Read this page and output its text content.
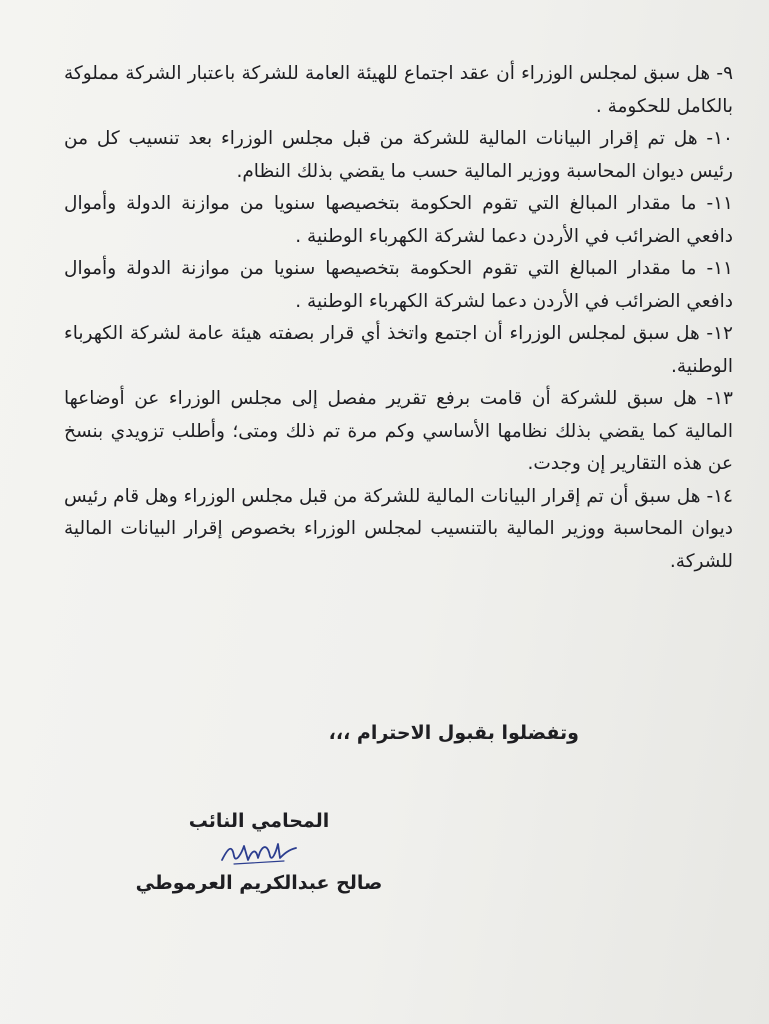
٩- هل سبق لمجلس الوزراء أن عقد اجتماع للهيئة العامة للشركة باعتبار الشركة مملوكة بالكامل للحكومة .

١٠- هل تم إقرار البيانات المالية للشركة من قبل مجلس الوزراء بعد تنسيب كل من رئيس ديوان المحاسبة ووزير المالية حسب ما يقضي بذلك النظام.

١١- ما مقدار المبالغ التي تقوم الحكومة بتخصيصها سنويا من موازنة الدولة وأموال دافعي الضرائب في الأردن دعما لشركة الكهرباء الوطنية .

١١- ما مقدار المبالغ التي تقوم الحكومة بتخصيصها سنويا من موازنة الدولة وأموال دافعي الضرائب في الأردن دعما لشركة الكهرباء الوطنية .

١٢- هل سبق لمجلس الوزراء أن اجتمع واتخذ أي قرار بصفته هيئة عامة لشركة الكهرباء الوطنية.

١٣- هل سبق للشركة أن قامت برفع تقرير مفصل إلى مجلس الوزراء عن أوضاعها المالية كما يقضي بذلك نظامها الأساسي وكم مرة تم ذلك ومتى؛ وأطلب تزويدي بنسخ عن هذه التقارير إن وجدت.

١٤- هل سبق أن تم إقرار البيانات المالية للشركة من قبل مجلس الوزراء وهل قام رئيس ديوان المحاسبة ووزير المالية بالتنسيب لمجلس الوزراء بخصوص إقرار البيانات المالية للشركة.

وتفضلوا بقبول الاحترام ،،،
المحامي النائب
صالح عبدالكريم العرموطي
